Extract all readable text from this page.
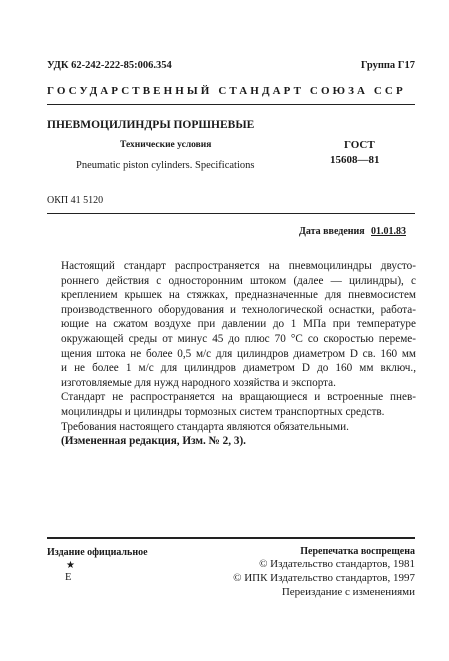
УДК 62-242-222-85:006.354	Группа Г17
ГОСУДАРСТВЕННЫЙ СТАНДАРТ СОЮЗА ССР
ПНЕВМОЦИЛИНДРЫ ПОРШНЕВЫЕ
Технические условия
Pneumatic piston cylinders. Specifications
ГОСТ
15608—81
ОКП 41 5120
Дата введения 01.01.83

Настоящий стандарт распространяется на пневмоцилиндры двусто-
роннего действия с односторонним штоком (далее — цилиндры), с
креплением крышек на стяжках, предназначенные для пневмосистем
производственного оборудования и технологической оснастки, работа-
ющие на сжатом воздухе при давлении до 1 МПа при температуре
окружающей среды от минус 45 до плюс 70 °С со скоростью переме-
щения штока не более 0,5 м/с для цилиндров диаметром D св. 160 мм
и не более 1 м/с для цилиндров диаметром D до 160 мм включ.,
изготовляемые для нужд народного хозяйства и экспорта.

Стандарт не распространяется на вращающиеся и встроенные пнев-
моцилиндры и цилиндры тормозных систем транспортных средств.

Требования настоящего стандарта являются обязательными.

(Измененная редакция, Изм. № 2, 3).

Издание официальное
★
Е
Перепечатка воспрещена
© Издательство стандартов, 1981
© ИПК Издательство стандартов, 1997
Переиздание с изменениями
